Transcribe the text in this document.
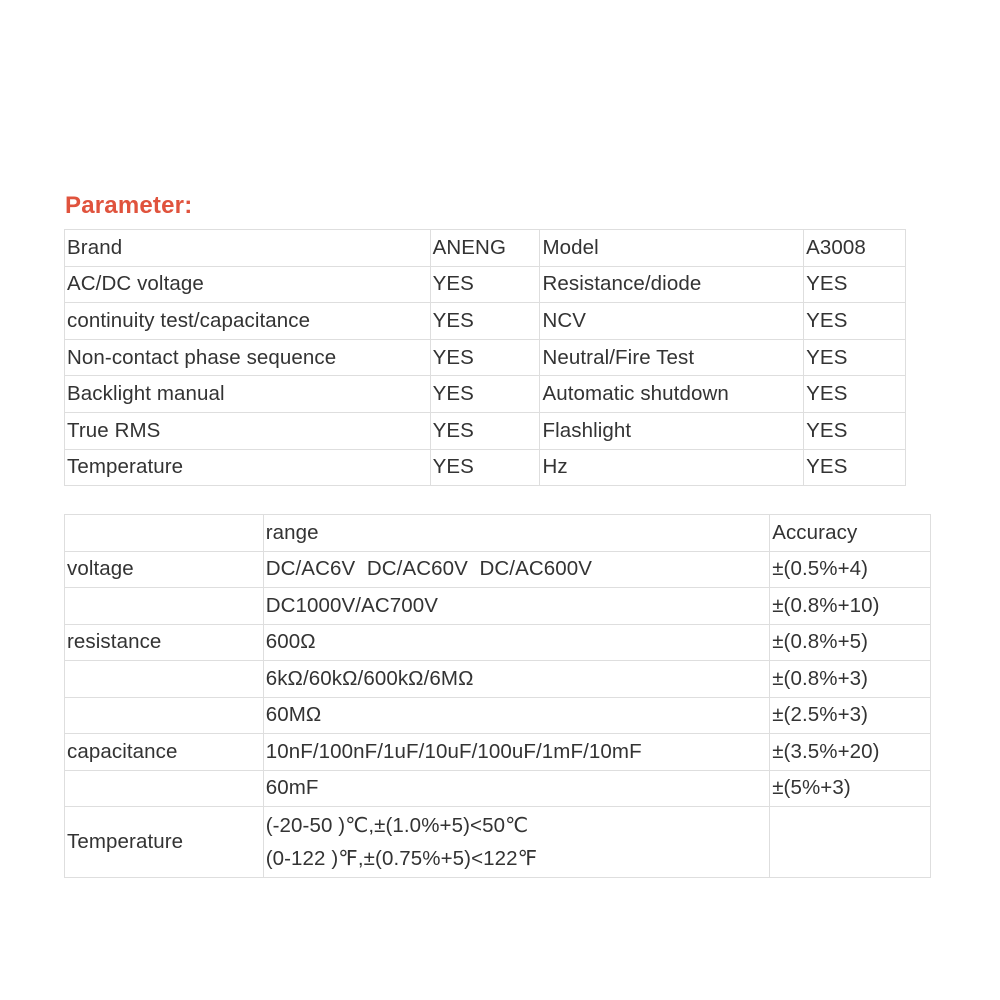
Parameter:
Brand	ANENG	Model	A3008
AC/DC voltage	YES	Resistance/diode	YES
continuity test/capacitance	YES	NCV	YES
Non-contact phase sequence	YES	Neutral/Fire Test	YES
Backlight manual	YES	Automatic shutdown	YES
True RMS	YES	Flashlight	YES
Temperature	YES	Hz	YES
	range	Accuracy
voltage	DC/AC6V  DC/AC60V  DC/AC600V	±(0.5%+4)
	DC1000V/AC700V	±(0.8%+10)
resistance	600Ω	±(0.8%+5)
	6kΩ/60kΩ/600kΩ/6MΩ	±(0.8%+3)
	60MΩ	±(2.5%+3)
capacitance	10nF/100nF/1uF/10uF/100uF/1mF/10mF	±(3.5%+20)
	60mF	±(5%+3)
Temperature	(-20-50 )℃,±(1.0%+5)<50℃
(0-122 )℉,±(0.75%+5)<122℉	
